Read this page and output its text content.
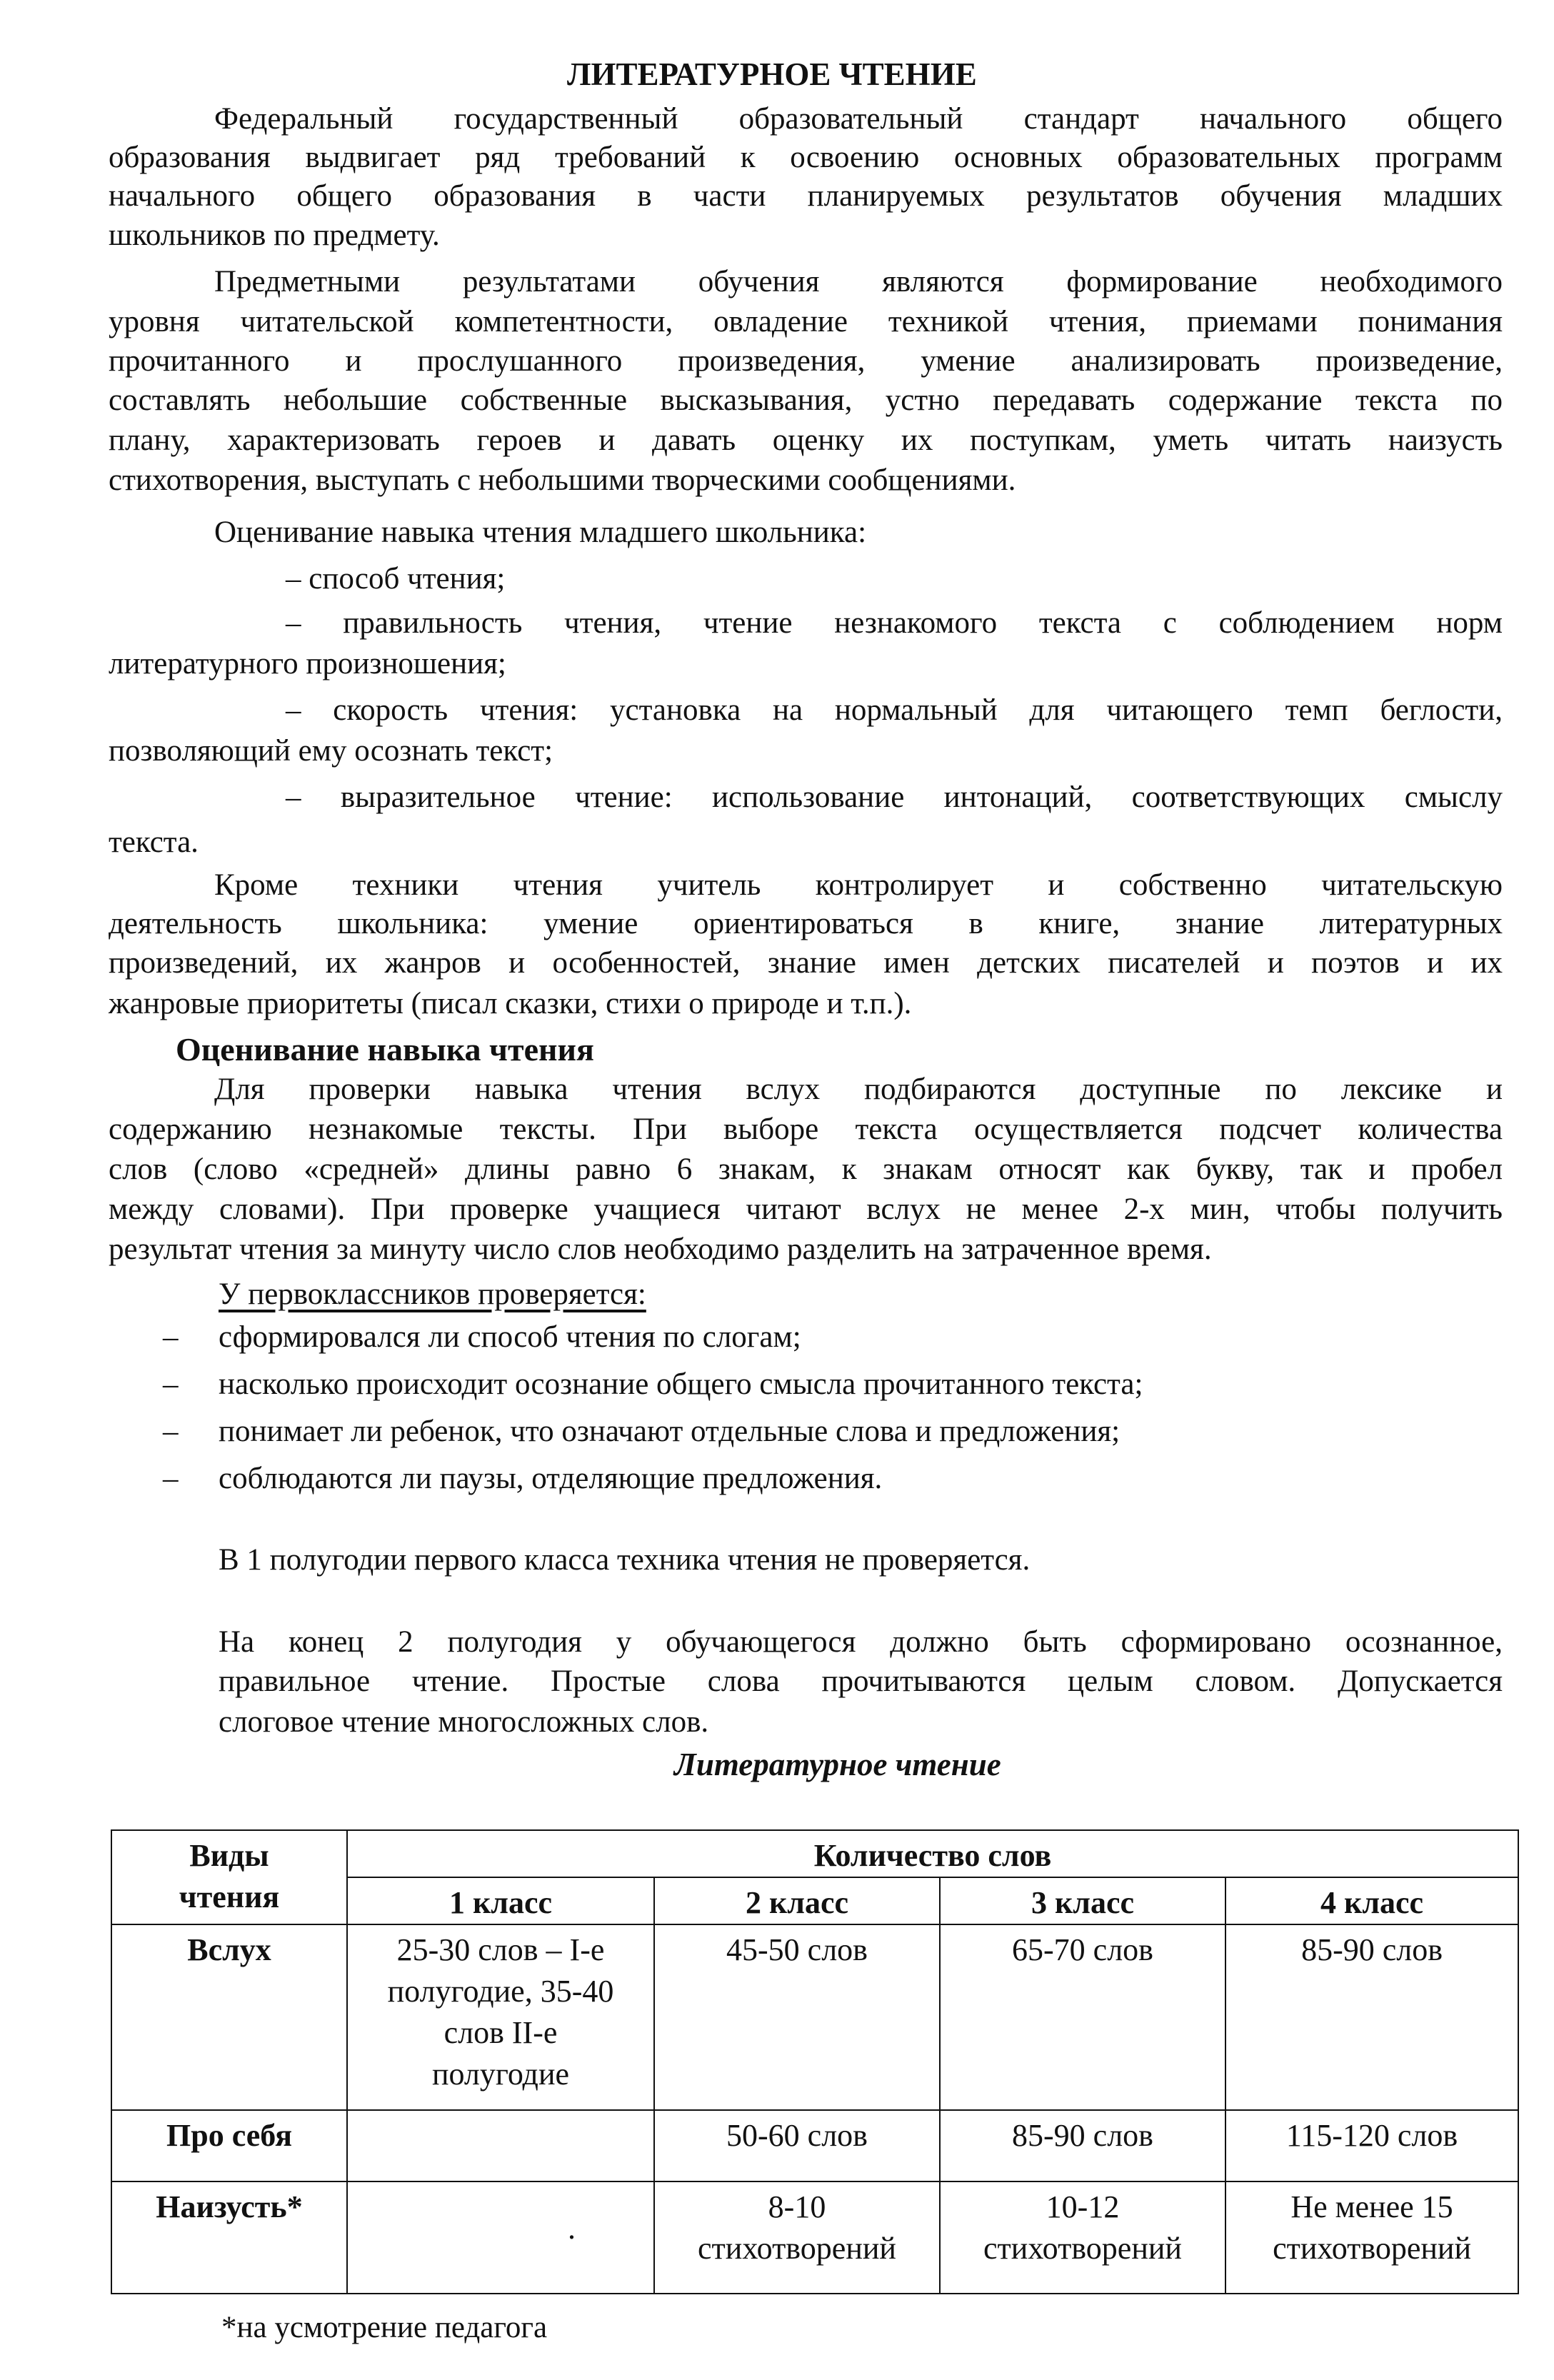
ЛИТЕРАТУРНОЕ ЧТЕНИЕ
Федеральный государственный образовательный стандарт начального общего
образования выдвигает ряд требований к освоению основных образовательных программ
начального общего образования в части планируемых результатов обучения младших
школьников по предмету.
Предметными результатами обучения являются формирование необходимого
уровня читательской компетентности, овладение техникой чтения, приемами понимания
прочитанного и прослушанного произведения, умение анализировать произведение,
составлять небольшие собственные высказывания, устно передавать содержание текста по
плану, характеризовать героев и давать оценку их поступкам, уметь читать наизусть
стихотворения, выступать с небольшими творческими сообщениями.
Оценивание навыка чтения младшего школьника:
– способ чтения;
– правильность чтения, чтение незнакомого текста с соблюдением норм
литературного произношения;
– скорость чтения: установка на нормальный для читающего темп беглости,
позволяющий ему осознать текст;
– выразительное чтение: использование интонаций, соответствующих смыслу
текста.
Кроме техники чтения учитель контролирует и собственно читательскую
деятельность школьника: умение ориентироваться в книге, знание литературных
произведений, их жанров и особенностей, знание имен детских писателей и поэтов и их
жанровые приоритеты (писал сказки, стихи о природе и т.п.).
Оценивание навыка чтения
Для проверки навыка чтения вслух подбираются доступные по лексике и
содержанию незнакомые тексты. При выборе текста осуществляется подсчет количества
слов (слово «средней» длины равно 6 знакам, к знакам относят как букву, так и пробел
между словами). При проверке учащиеся читают вслух не менее 2-х мин, чтобы получить
результат чтения за минуту число слов необходимо разделить на затраченное время.
У первоклассников проверяется:
– сформировался ли способ чтения по слогам;
– насколько происходит осознание общего смысла прочитанного текста;
– понимает ли ребенок, что означают отдельные слова и предложения;
– соблюдаются ли паузы, отделяющие предложения.
В 1 полугодии первого класса техника чтения не проверяется.
На конец 2 полугодия у обучающегося должно быть сформировано осознанное,
правильное чтение. Простые слова прочитываются целым словом. Допускается
слоговое чтение многосложных слов.
Литературное чтение
Виды
чтения	Количество слов			
	1 класс	2 класс	3 класс	4 класс
Вслух	25-30 слов – I-е
полугодие, 35-40
слов II-е
полугодие	45-50 слов	65-70 слов	85-90 слов
Про себя		50-60 слов	85-90 слов	115-120 слов
Наизусть*	.	8-10
стихотворений	10-12
стихотворений	Не менее 15
стихотворений
*на усмотрение педагога
